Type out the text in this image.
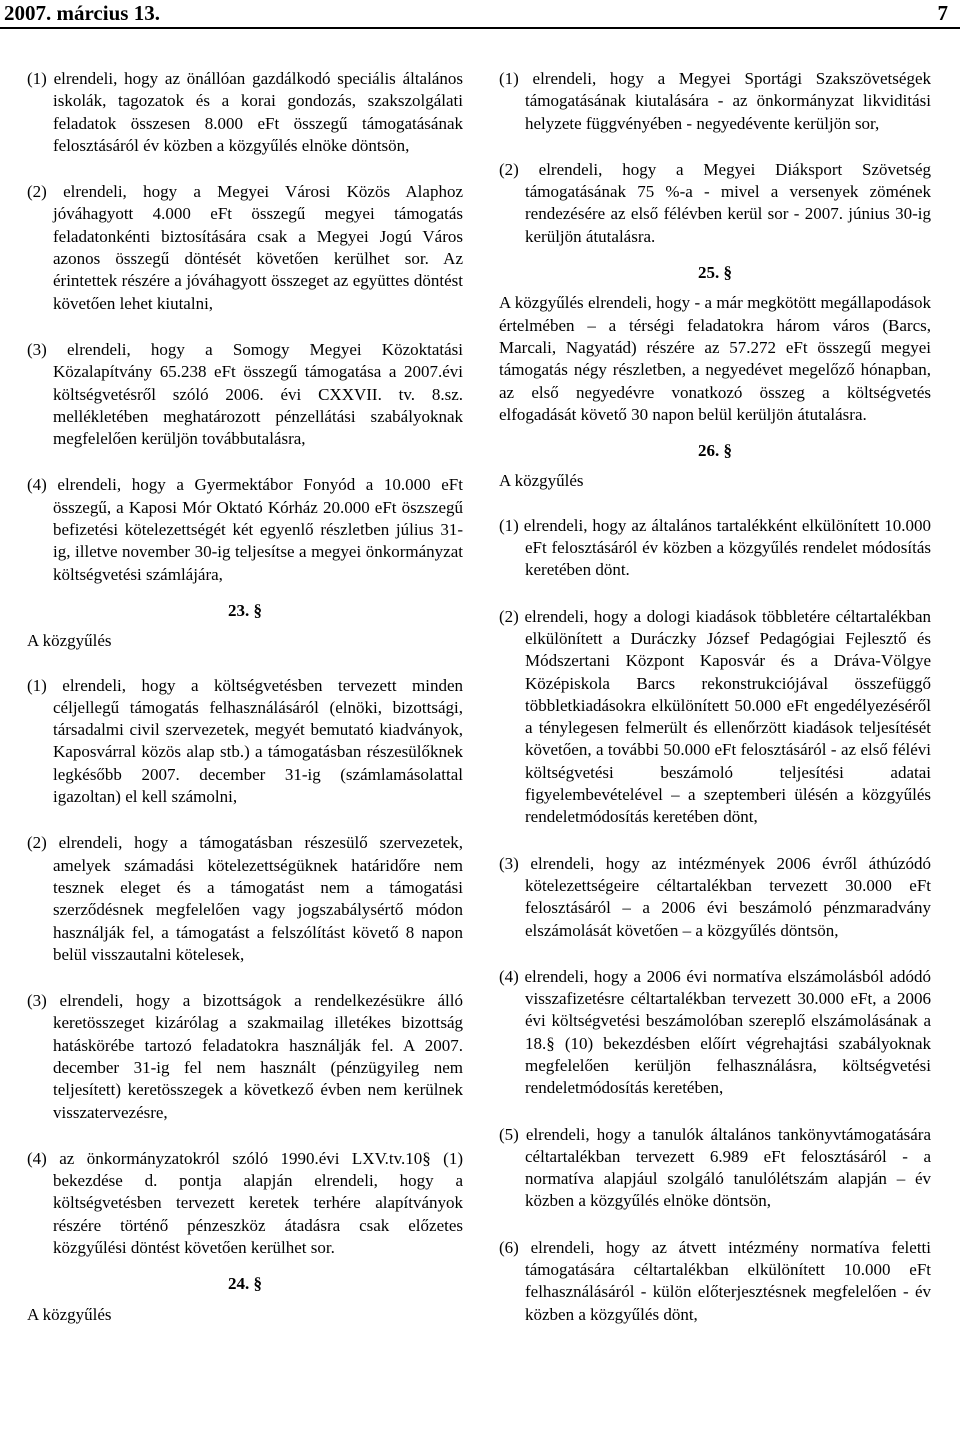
2007. március 13.	7
(1) elrendeli, hogy az önállóan gazdálkodó speciális általános iskolák, tagozatok és a korai gondozás, szakszolgálati feladatok összesen 8.000 eFt összegű támogatásának felosztásáról év közben a közgyűlés elnöke döntsön,
(2) elrendeli, hogy a Megyei Városi Közös Alaphoz jóváhagyott 4.000 eFt összegű megyei támogatás feladatonkénti biztosítására csak a Megyei Jogú Város azonos összegű döntését követően kerülhet sor. Az érintettek részére a jóváhagyott összeget az együttes döntést követően lehet kiutalni,
(3) elrendeli, hogy a Somogy Megyei Közoktatási Közalapítvány 65.238 eFt összegű támogatása a 2007.évi költségvetésről szóló 2006. évi CXXVII. tv. 8.sz. mellékletében meghatározott pénzellátási szabályoknak megfelelően kerüljön továbbutalásra,
(4) elrendeli, hogy a Gyermektábor Fonyód a 10.000 eFt összegű, a Kaposi Mór Oktató Kórház 20.000 eFt öszszegű befizetési kötelezettségét két egyenlő részletben július 31-ig, illetve november 30-ig teljesítse a megyei önkormányzat költségvetési számlájára,
23. §
A közgyűlés
(1) elrendeli, hogy a költségvetésben tervezett minden céljellegű támogatás felhasználásáról (elnöki, bizottsági, társadalmi civil szervezetek, megyét bemutató kiadványok, Kaposvárral közös alap stb.) a támogatásban részesülőknek legkésőbb 2007. december 31-ig (számlamásolattal igazoltan) el kell számolni,
(2) elrendeli, hogy a támogatásban részesülő szervezetek, amelyek számadási kötelezettségüknek határidőre nem tesznek eleget és a támogatást nem a támogatási szerződésnek megfelelően vagy jogszabálysértő módon használják fel, a támogatást a felszólítást követő 8 napon belül visszautalni kötelesek,
(3) elrendeli, hogy a bizottságok a rendelkezésükre álló keretösszeget kizárólag a szakmailag illetékes bizottság hatáskörébe tartozó feladatokra használják fel. A 2007. december 31-ig fel nem használt (pénzügyileg nem teljesített) keretösszegek a következő évben nem kerülnek visszatervezésre,
(4) az önkormányzatokról szóló 1990.évi LXV.tv.10§ (1) bekezdése d. pontja alapján elrendeli, hogy a költségvetésben tervezett keretek terhére alapítványok részére történő pénzeszköz átadásra csak előzetes közgyűlési döntést követően kerülhet sor.
24. §
A közgyűlés
(1) elrendeli, hogy a Megyei Sportági Szakszövetségek támogatásának kiutalására - az önkormányzat likviditási helyzete függvényében - negyedévente kerüljön sor,
(2) elrendeli, hogy a Megyei Diáksport Szövetség támogatásának 75 %-a - mivel a versenyek zömének rendezésére az első félévben kerül sor - 2007. június 30-ig kerüljön átutalásra.
25. §
A közgyűlés elrendeli, hogy - a már megkötött megállapodások értelmében – a térségi feladatokra három város (Barcs, Marcali, Nagyatád) részére az 57.272 eFt összegű megyei támogatás négy részletben, a negyedévet megelőző hónapban, az első negyedévre vonatkozó összeg a költségvetés elfogadását követő 30 napon belül kerüljön átutalásra.
26. §
A közgyűlés
(1) elrendeli, hogy az általános tartalékként elkülönített 10.000 eFt felosztásáról év közben a közgyűlés rendelet módosítás keretében dönt.
(2) elrendeli, hogy a dologi kiadások többletére céltartalékban elkülönített a Duráczky József Pedagógiai Fejlesztő és Módszertani Központ Kaposvár és a Dráva-Völgye Középiskola Barcs rekonstrukciójával összefüggő többletkiadásokra elkülönített 50.000 eFt engedélyezéséről a ténylegesen felmerült és ellenőrzött kiadások teljesítését követően, a további 50.000 eFt felosztásáról - az első félévi költségvetési beszámoló teljesítési adatai figyelembevételével – a szeptemberi ülésén a közgyűlés rendeletmódosítás keretében dönt,
(3) elrendeli, hogy az intézmények 2006 évről áthúzódó kötelezettségeire céltartalékban tervezett 30.000 eFt felosztásáról – a 2006 évi beszámoló pénzmaradvány elszámolását követően – a közgyűlés döntsön,
(4) elrendeli, hogy a 2006 évi normatíva elszámolásból adódó visszafizetésre céltartalékban tervezett 30.000 eFt, a 2006 évi költségvetési beszámolóban szereplő elszámolásának a 18.§ (10) bekezdésben előírt végrehajtási szabályoknak megfelelően kerüljön felhasználásra, költségvetési rendeletmódosítás keretében,
(5) elrendeli, hogy a tanulók általános tankönyvtámogatására céltartalékban tervezett 6.989 eFt felosztásáról - a normatíva alapjául szolgáló tanulólétszám alapján – év közben a közgyűlés elnöke döntsön,
(6) elrendeli, hogy az átvett intézmény normatíva feletti támogatására céltartalékban elkülönített 10.000 eFt felhasználásáról - külön előterjesztésnek megfelelően - év közben a közgyűlés dönt,
